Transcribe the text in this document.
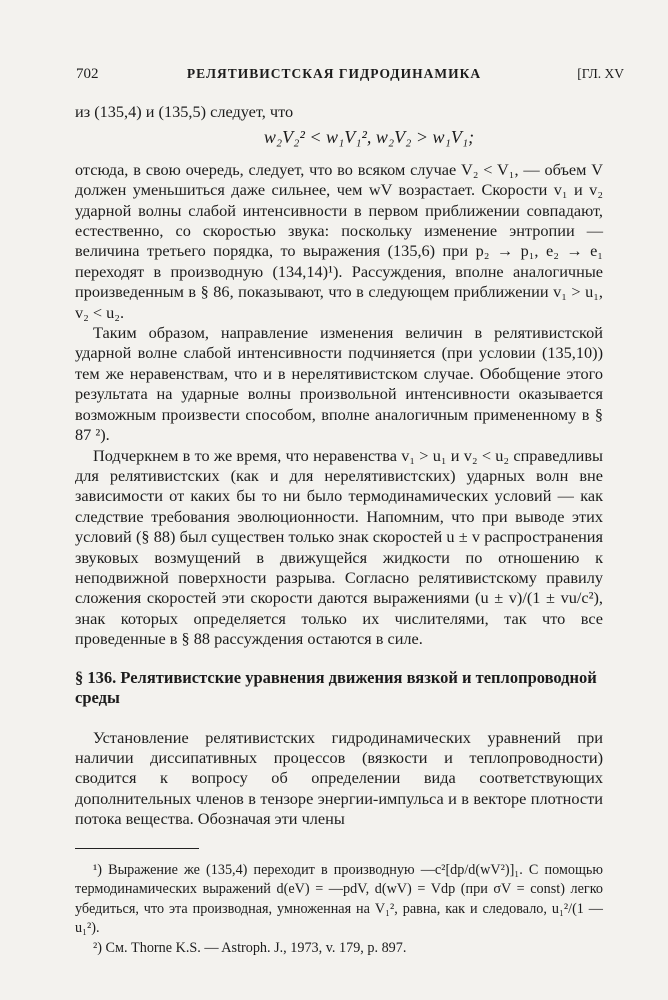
702	РЕЛЯТИВИСТСКАЯ ГИДРОДИНАМИКА	[ГЛ. XV

из (135,4) и (135,5) следует, что

w₂V₂² < w₁V₁², w₂V₂ > w₁V₁;

отсюда, в свою очередь, следует, что во всяком случае V₂ < V₁, — объем V должен уменьшиться даже сильнее, чем wV возрастает. Скорости v₁ и v₂ ударной волны слабой интенсивности в первом приближении совпадают, естественно, со скоростью звука: поскольку изменение энтропии — величина третьего порядка, то выражения (135,6) при p₂ → p₁, e₂ → e₁ переходят в производную (134,14)¹). Рассуждения, вполне аналогичные произведенным в § 86, показывают, что в следующем приближении v₁ > u₁, v₂ < u₂.

Таким образом, направление изменения величин в релятивистской ударной волне слабой интенсивности подчиняется (при условии (135,10)) тем же неравенствам, что и в нерелятивистском случае. Обобщение этого результата на ударные волны произвольной интенсивности оказывается возможным произвести способом, вполне аналогичным примененному в § 87 ²).

Подчеркнем в то же время, что неравенства v₁ > u₁ и v₂ < u₂ справедливы для релятивистских (как и для нерелятивистских) ударных волн вне зависимости от каких бы то ни было термодинамических условий — как следствие требования эволюционности. Напомним, что при выводе этих условий (§ 88) был существен только знак скоростей u ± v распространения звуковых возмущений в движущейся жидкости по отношению к неподвижной поверхности разрыва. Согласно релятивистскому правилу сложения скоростей эти скорости даются выражениями (u ± v)/(1 ± vu/c²), знак которых определяется только их числителями, так что все проведенные в § 88 рассуждения остаются в силе.

§ 136. Релятивистские уравнения движения вязкой и теплопроводной среды

Установление релятивистских гидродинамических уравнений при наличии диссипативных процессов (вязкости и теплопроводности) сводится к вопросу об определении вида соответствующих дополнительных членов в тензоре энергии-импульса и в векторе плотности потока вещества. Обозначая эти члены

¹) Выражение же (135,4) переходит в производную —c²[dp/d(wV²)]₁. С помощью термодинамических выражений d(eV) = —pdV, d(wV) = Vdp (при σV = const) легко убедиться, что эта производная, умноженная на V₁², равна, как и следовало, u₁²/(1 — u₁²).

²) См. Thorne K.S. — Astroph. J., 1973, v. 179, p. 897.
